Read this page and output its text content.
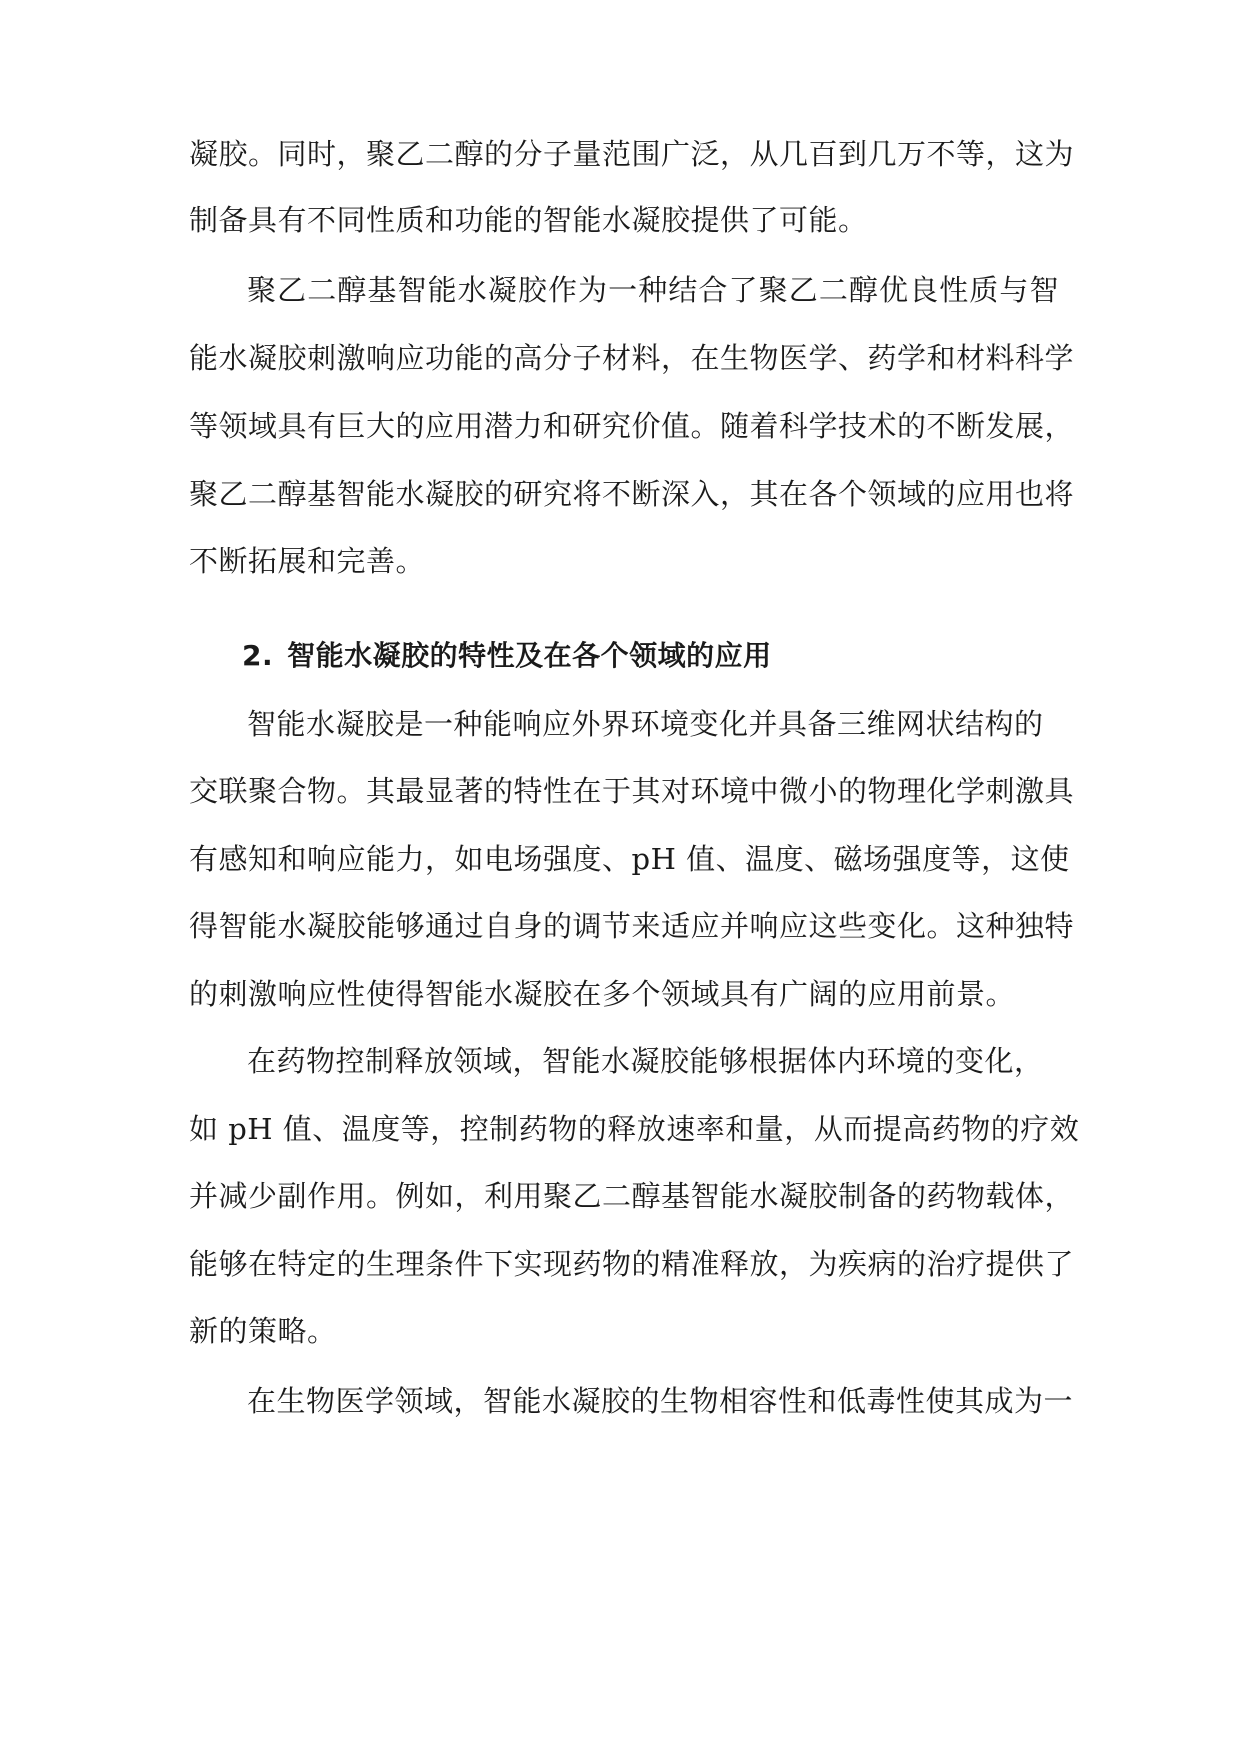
凝胶。同时，聚乙二醇的分子量范围广泛，从几百到几万不等，这为
制备具有不同性质和功能的智能水凝胶提供了可能。
聚乙二醇基智能水凝胶作为一种结合了聚乙二醇优良性质与智
能水凝胶刺激响应功能的高分子材料，在生物医学、药学和材料科学
等领域具有巨大的应用潜力和研究价值。随着科学技术的不断发展，
聚乙二醇基智能水凝胶的研究将不断深入，其在各个领域的应用也将
不断拓展和完善。
2. 智能水凝胶的特性及在各个领域的应用
智能水凝胶是一种能响应外界环境变化并具备三维网状结构的
交联聚合物。其最显著的特性在于其对环境中微小的物理化学刺激具
有感知和响应能力，如电场强度、pH 值、温度、磁场强度等，这使
得智能水凝胶能够通过自身的调节来适应并响应这些变化。这种独特
的刺激响应性使得智能水凝胶在多个领域具有广阔的应用前景。
在药物控制释放领域，智能水凝胶能够根据体内环境的变化，
如 pH 值、温度等，控制药物的释放速率和量，从而提高药物的疗效
并减少副作用。例如，利用聚乙二醇基智能水凝胶制备的药物载体，
能够在特定的生理条件下实现药物的精准释放，为疾病的治疗提供了
新的策略。
在生物医学领域，智能水凝胶的生物相容性和低毒性使其成为一
